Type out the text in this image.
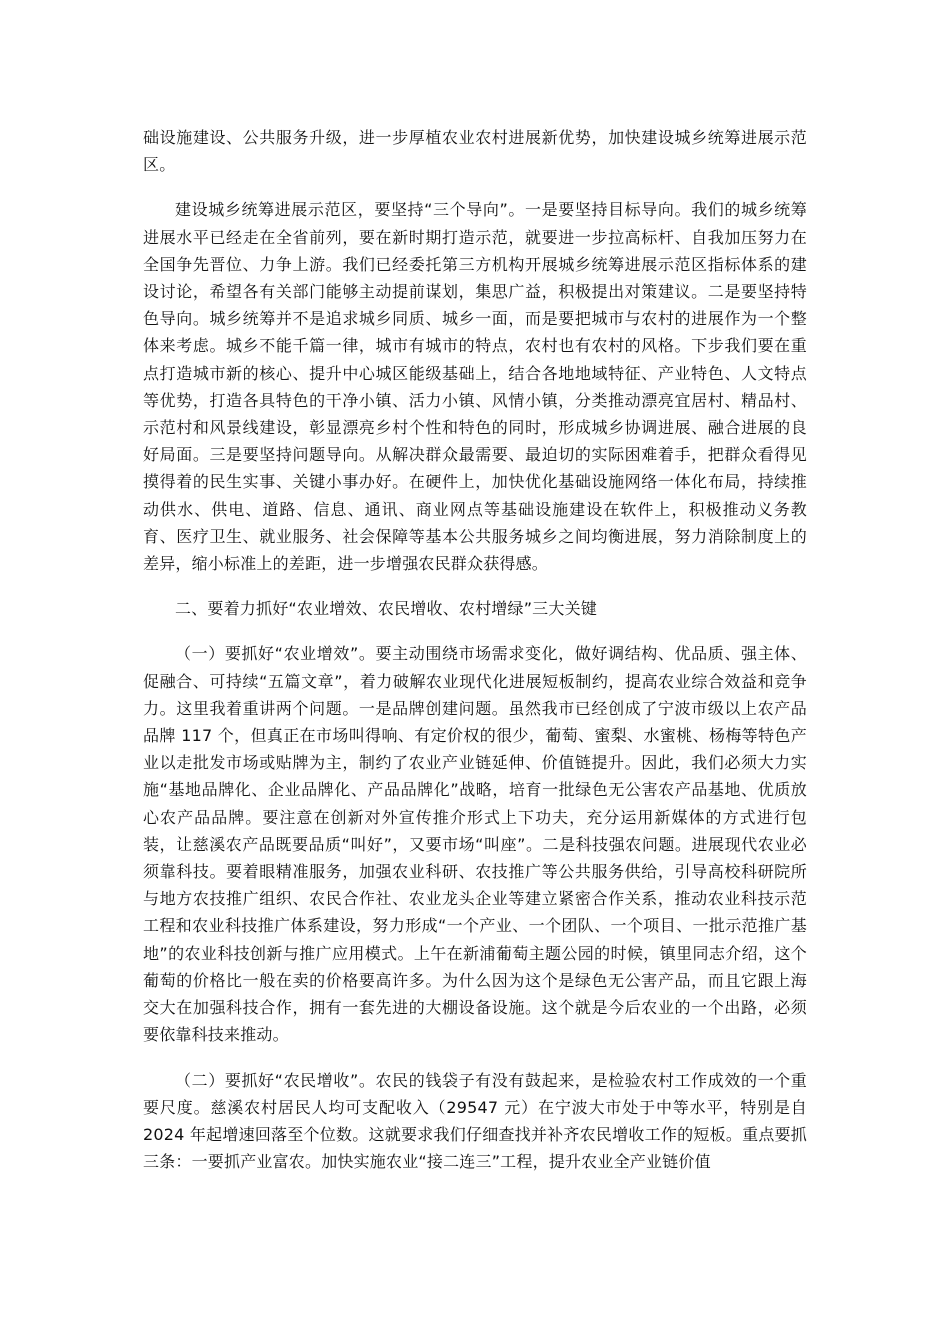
础设施建设、公共服务升级，进一步厚植农业农村进展新优势，加快建设城乡统筹进展示范区。

建设城乡统筹进展示范区，要坚持“三个导向”。一是要坚持目标导向。我们的城乡统筹进展水平已经走在全省前列，要在新时期打造示范，就要进一步拉高标杆、自我加压努力在全国争先晋位、力争上游。我们已经委托第三方机构开展城乡统筹进展示范区指标体系的建设讨论，希望各有关部门能够主动提前谋划，集思广益，积极提出对策建议。二是要坚持特色导向。城乡统筹并不是追求城乡同质、城乡一面，而是要把城市与农村的进展作为一个整体来考虑。城乡不能千篇一律，城市有城市的特点，农村也有农村的风格。下步我们要在重点打造城市新的核心、提升中心城区能级基础上，结合各地地域特征、产业特色、人文特点等优势，打造各具特色的干净小镇、活力小镇、风情小镇，分类推动漂亮宜居村、精品村、示范村和风景线建设，彰显漂亮乡村个性和特色的同时，形成城乡协调进展、融合进展的良好局面。三是要坚持问题导向。从解决群众最需要、最迫切的实际困难着手，把群众看得见摸得着的民生实事、关键小事办好。在硬件上，加快优化基础设施网络一体化布局，持续推动供水、供电、道路、信息、通讯、商业网点等基础设施建设在软件上，积极推动义务教育、医疗卫生、就业服务、社会保障等基本公共服务城乡之间均衡进展，努力消除制度上的差异，缩小标准上的差距，进一步增强农民群众获得感。

二、要着力抓好“农业增效、农民增收、农村增绿”三大关键

（一）要抓好“农业增效”。要主动围绕市场需求变化，做好调结构、优品质、强主体、促融合、可持续“五篇文章”，着力破解农业现代化进展短板制约，提高农业综合效益和竞争力。这里我着重讲两个问题。一是品牌创建问题。虽然我市已经创成了宁波市级以上农产品品牌 117 个，但真正在市场叫得响、有定价权的很少，葡萄、蜜梨、水蜜桃、杨梅等特色产业以走批发市场或贴牌为主，制约了农业产业链延伸、价值链提升。因此，我们必须大力实施“基地品牌化、企业品牌化、产品品牌化”战略，培育一批绿色无公害农产品基地、优质放心农产品品牌。要注意在创新对外宣传推介形式上下功夫，充分运用新媒体的方式进行包装，让慈溪农产品既要品质“叫好”，又要市场“叫座”。二是科技强农问题。进展现代农业必须靠科技。要着眼精准服务，加强农业科研、农技推广等公共服务供给，引导高校科研院所与地方农技推广组织、农民合作社、农业龙头企业等建立紧密合作关系，推动农业科技示范工程和农业科技推广体系建设，努力形成“一个产业、一个团队、一个项目、一批示范推广基地”的农业科技创新与推广应用模式。上午在新浦葡萄主题公园的时候，镇里同志介绍，这个葡萄的价格比一般在卖的价格要高许多。为什么因为这个是绿色无公害产品，而且它跟上海交大在加强科技合作，拥有一套先进的大棚设备设施。这个就是今后农业的一个出路，必须要依靠科技来推动。

（二）要抓好“农民增收”。农民的钱袋子有没有鼓起来，是检验农村工作成效的一个重要尺度。慈溪农村居民人均可支配收入（29547 元）在宁波大市处于中等水平，特别是自 2024 年起增速回落至个位数。这就要求我们仔细查找并补齐农民增收工作的短板。重点要抓三条：一要抓产业富农。加快实施农业“接二连三”工程，提升农业全产业链价值
